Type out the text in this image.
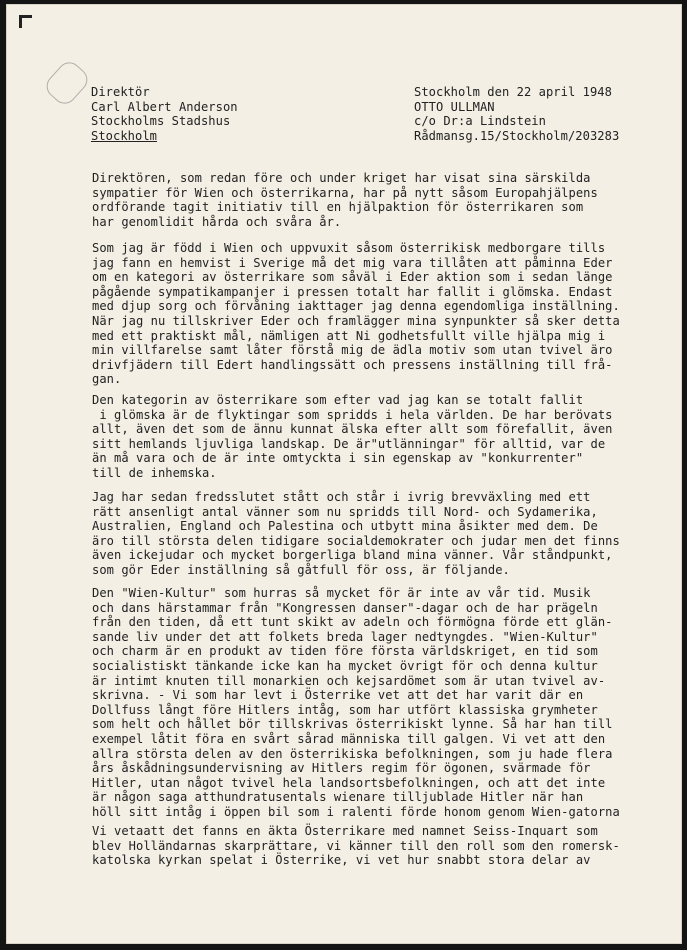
Direktör
Carl Albert Anderson
Stockholms Stadshus
Stockholm
Stockholm den 22 april 1948
OTTO ULLMAN
c/o Dr:a Lindstein
Rådmansg.15/Stockholm/203283
Direktören, som redan före och under kriget har visat sina särskilda
sympatier för Wien och österrikarna, har på nytt såsom Europahjälpens
ordförande tagit initiativ till en hjälpaktion för österrikaren som
har genomlidit hårda och svåra år.
Som jag är född i Wien och uppvuxit såsom österrikisk medborgare tills
jag fann en hemvist i Sverige må det mig vara tillåten att påminna Eder
om en kategori av österrikare som såväl i Eder aktion som i sedan länge
pågående sympatikampanjer i pressen totalt har fallit i glömska. Endast
med djup sorg och förvåning iakttager jag denna egendomliga inställning.
När jag nu tillskriver Eder och framlägger mina synpunkter så sker detta
med ett praktiskt mål, nämligen att Ni godhetsfullt ville hjälpa mig i
min villfarelse samt låter förstå mig de ädla motiv som utan tvivel äro
drivfjädern till Edert handlingssätt och pressens inställning till frå-
gan.
Den kategorin av österrikare som efter vad jag kan se totalt fallit
i glömska är de flyktingar som spridds i hela världen. De har berövats
allt, även det som de ännu kunnat älska efter allt som förefallit, även
sitt hemlands ljuvliga landskap. De är"utlänningar" för alltid, var de
än må vara och de är inte omtyckta i sin egenskap av "konkurrenter"
till de inhemska.
Jag har sedan fredsslutet stått och står i ivrig brevväxling med ett
rätt ansenligt antal vänner som nu spridds till Nord- och Sydamerika,
Australien, England och Palestina och utbytt mina åsikter med dem. De
äro till största delen tidigare socialdemokrater och judar men det finns
även ickejudar och mycket borgerliga bland mina vänner. Vår ståndpunkt,
som gör Eder inställning så gåtfull för oss, är följande.
Den "Wien-Kultur" som hurras så mycket för är inte av vår tid. Musik
och dans härstammar från "Kongressen danser"-dagar och de har prägeln
från den tiden, då ett tunt skikt av adeln och förmögna förde ett glän-
sande liv under det att folkets breda lager nedtyngdes. "Wien-Kultur"
och charm är en produkt av tiden före första världskriget, en tid som
socialistiskt tänkande icke kan ha mycket övrigt för och denna kultur
är intimt knuten till monarkien och kejsardömet som är utan tvivel av-
skrivna. - Vi som har levt i Österrike vet att det har varit där en
Dollfuss långt före Hitlers intåg, som har utfört klassiska grymheter
som helt och hållet bör tillskrivas österrikiskt lynne. Så har han till
exempel låtit föra en svårt sårad människa till galgen. Vi vet att den
allra största delen av den österrikiska befolkningen, som ju hade flera
års åskådningsundervisning av Hitlers regim för ögonen, svärmade för
Hitler, utan något tvivel hela landsortsbefolkningen, och att det inte
är någon saga atthundratusentals wienare tilljublade Hitler när han
höll sitt intåg i öppen bil som i ralenti förde honom genom Wien-gatorna
Vi vetaatt det fanns en äkta Österrikare med namnet Seiss-Inquart som
blev Holländarnas skarprättare, vi känner till den roll som den romersk-
katolska kyrkan spelat i Österrike, vi vet hur snabbt stora delar av
